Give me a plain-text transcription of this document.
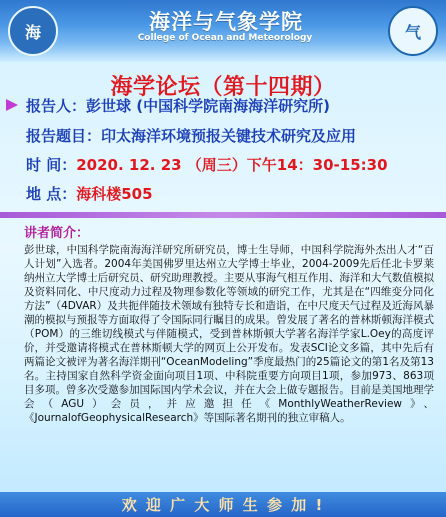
海	海洋与气象学院
College of Ocean and Meteorology	气
海学论坛（第十四期）
报告人： 彭世球 (中国科学院南海海洋研究所)
报告题目： 印太海洋环境预报关键技术研究及应用
时 间： 2020. 12. 23 （周三）下午14：30-15:30
地 点： 海科楼505
讲者简介：
彭世球，中国科学院南海海洋研究所研究员，博士生导师，中国科学院海外杰出人才“百人计划”入选者。2004年美国佛罗里达州立大学博士毕业，2004-2009先后任北卡罗莱纳州立大学博士后研究员、研究助理教授。主要从事海气相互作用、海洋和大气数值模拟及资料同化、中尺度动力过程及物理参数化等领域的研究工作，尤其是在“四维变分同化方法”（4DVAR）及共扼伴随技术领域有独特专长和造诣，在中尺度天气过程及近海风暴潮的模拟与预报等方面取得了令国际同行瞩目的成果。曾发展了著名的普林斯顿海洋模式（POM）的三维切线模式与伴随模式，受到普林斯顿大学著名海洋学家L.Oey的高度评价，并受邀请将模式在普林斯顿大学的网页上公开发布。发表SCI论文多篇，其中先后有两篇论文被评为著名海洋期刊“OceanModeling”季度最热门的25篇论文的第1名及第13名。主持国家自然科学资金面向项目1项、中科院重要方向项目1项，参加973、863项目多项。曾多次受邀参加国际国内学术会议，并在大会上做专题报告。目前是美国地理学会（AGU）会员，并应邀担任《MonthlyWeatherReview》、《JournalofGeophysicalResearch》等国际著名期刊的独立审稿人。
欢 迎 广 大 师 生 参 加 !
